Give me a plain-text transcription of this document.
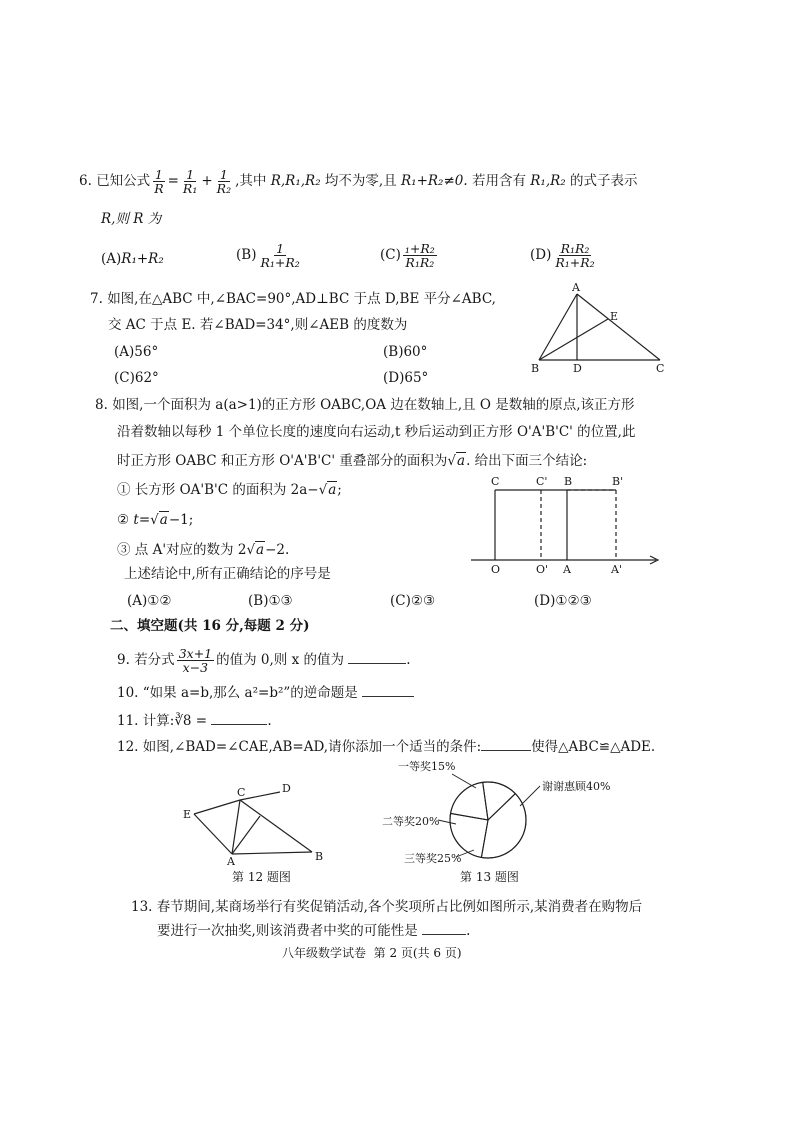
6. 已知公式 $\frac{1}{R} = \frac{1}{\text{R₁}} + \frac{1}{\text{R₂}}$ ,其中 R,R₁,R₂ 均不为零,且 R₁+R₂≠0. 若用含有 R₁,R₂ 的式子表示
R,则 R 为
(A)R₁+R₂	$(B) \frac{1}{\text{R₁+R₂}}$	$(C) \frac{\text{₁+R₂}}{\text{R₁R₂}}$	$(D) \frac{\text{R₁R₂}}{\text{R₁+R₂}}$
7. 如图,在△ABC 中,∠BAC=90°,AD⊥BC 于点 D,BE 平分∠ABC,
交 AC 于点 E. 若∠BAD=34°,则∠AEB 的度数为
(A)56°	(B)60°
(C)62°	(D)65°
A
E
B	D	C
8. 如图,一个面积为 a(a>1)的正方形 OABC,OA 边在数轴上,且 O 是数轴的原点,该正方形
沿着数轴以每秒 1 个单位长度的速度向右运动,t 秒后运动到正方形 O'A'B'C' 的位置,此
时正方形 OABC 和正方形 O'A'B'C' 重叠部分的面积为√a. 给出下面三个结论:
① 长方形 OA'B'C 的面积为 2a−√a;
② t=√a−1;
③ 点 A'对应的数为 2√a−2.
上述结论中,所有正确结论的序号是
(A)①②	(B)①③	(C)②③	(D)①②③
C	C' B	B'
O	O' A	A'
二、填空题(共 16 分,每题 2 分)
9. 若分式 $\frac{3x+1}{x-3}$ 的值为 0,则 x 的值为	.
10. “如果 a=b,那么 a²=b²”的逆命题是
11. 计算:∛8 =	.
12. 如图,∠BAD=∠CAE,AB=AD,请你添加一个适当的条件:	使得△ABC≌△ADE.
C	D
E
A	B
第 12 题图
一等奖15%
谢谢惠顾40%
三等奖25%
二等奖20%
第 13 题图
13. 春节期间,某商场举行有奖促销活动,各个奖项所占比例如图所示,某消费者在购物后
要进行一次抽奖,则该消费者中奖的可能性是	.
八年级数学试卷  第 2 页(共 6 页)
